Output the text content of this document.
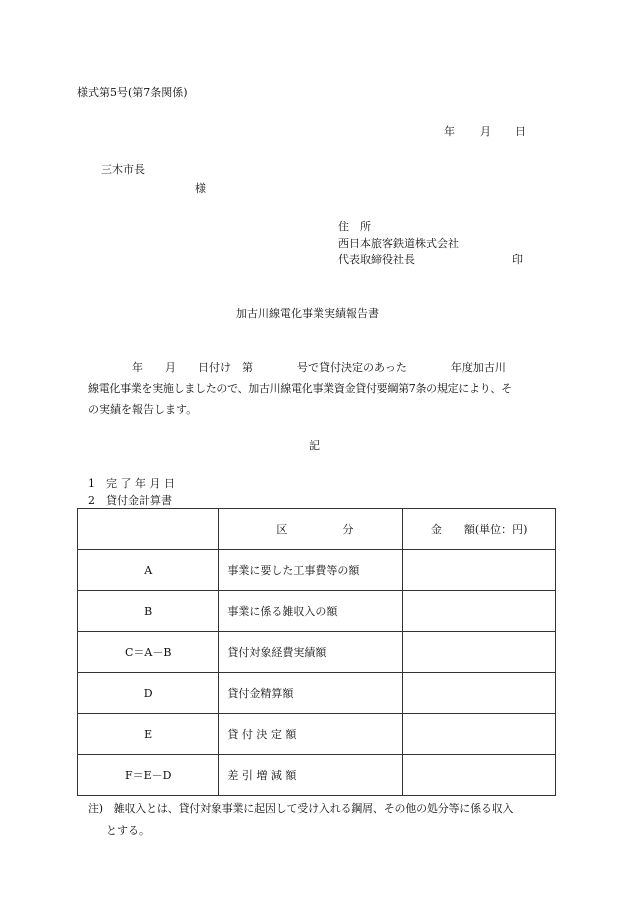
様式第5号(第7条関係)
年 月 日
三木市長
様
住　所
西日本旅客鉄道株式会社
代表取締役社長	印
加古川線電化事業実績報告書
　　　　年　　月　　日付け　第　　　　号で貸付決定のあった　　　　年度加古川
線電化事業を実施しましたので、加古川線電化事業資金貸付要綱第7条の規定により、そ
の実績を報告します。
記
1　完 了 年 月 日
2　貸付金計算書
	区　　　　　分	金　　額(単位：円)
A	事業に要した工事費等の額	
B	事業に係る雑収入の額	
C＝A－B	貸付対象経費実績額	
D	貸付金精算額	
E	貸 付 決 定 額	
F＝E－D	差 引 増 減 額	
注)　雑収入とは、貸付対象事業に起因して受け入れる鋼屑、その他の処分等に係る収入
とする。
